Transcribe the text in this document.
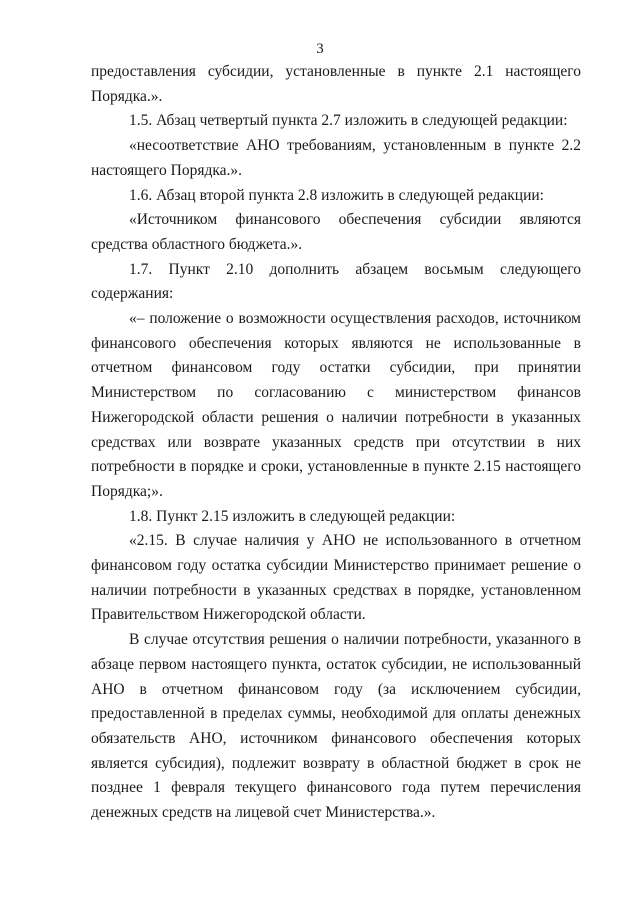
3

предоставления субсидии, установленные в пункте 2.1 настоящего Порядка.».

1.5. Абзац четвертый пункта 2.7 изложить в следующей редакции:

«несоответствие АНО требованиям, установленным в пункте 2.2 настоящего Порядка.».

1.6. Абзац второй пункта 2.8 изложить в следующей редакции:

«Источником финансового обеспечения субсидии являются средства областного бюджета.».

1.7. Пункт 2.10 дополнить абзацем восьмым следующего содержания:

«– положение о возможности осуществления расходов, источником финансового обеспечения которых являются не использованные в отчетном финансовом году остатки субсидии, при принятии Министерством по согласованию с министерством финансов Нижегородской области решения о наличии потребности в указанных средствах или возврате указанных средств при отсутствии в них потребности в порядке и сроки, установленные в пункте 2.15 настоящего Порядка;».

1.8. Пункт 2.15 изложить в следующей редакции:

«2.15. В случае наличия у АНО не использованного в отчетном финансовом году остатка субсидии Министерство принимает решение о наличии потребности в указанных средствах в порядке, установленном Правительством Нижегородской области.

В случае отсутствия решения о наличии потребности, указанного в абзаце первом настоящего пункта, остаток субсидии, не использованный АНО в отчетном финансовом году (за исключением субсидии, предоставленной в пределах суммы, необходимой для оплаты денежных обязательств АНО, источником финансового обеспечения которых является субсидия), подлежит возврату в областной бюджет в срок не позднее 1 февраля текущего финансового года путем перечисления денежных средств на лицевой счет Министерства.».
